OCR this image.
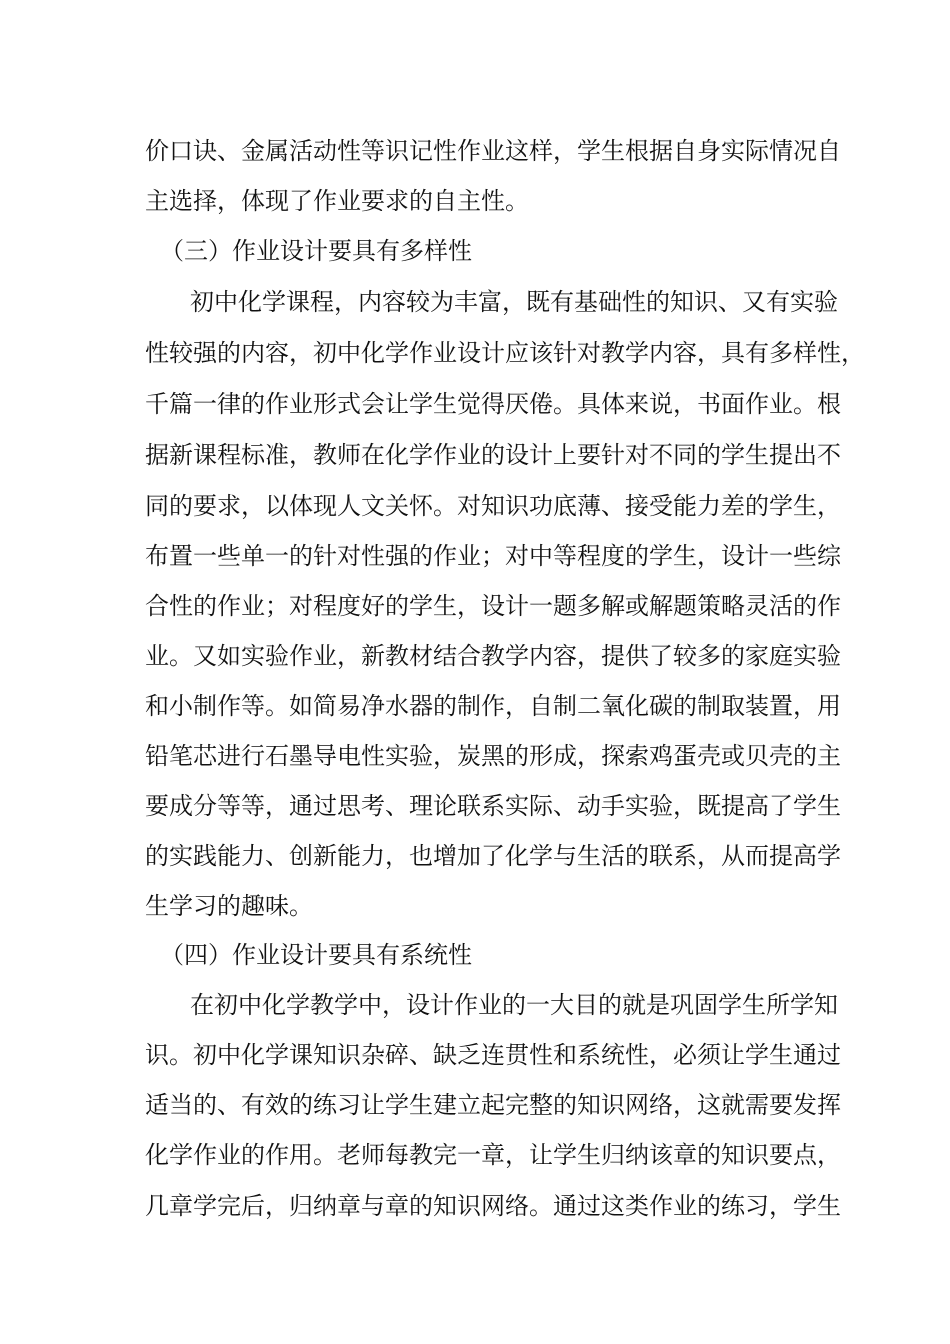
价口诀、金属活动性等识记性作业这样，学生根据自身实际情况自
主选择，体现了作业要求的自主性。
（三）作业设计要具有多样性
初中化学课程，内容较为丰富，既有基础性的知识、又有实验
性较强的内容，初中化学作业设计应该针对教学内容，具有多样性，
千篇一律的作业形式会让学生觉得厌倦。具体来说，书面作业。根
据新课程标准，教师在化学作业的设计上要针对不同的学生提出不
同的要求，以体现人文关怀。对知识功底薄、接受能力差的学生，
布置一些单一的针对性强的作业；对中等程度的学生，设计一些综
合性的作业；对程度好的学生，设计一题多解或解题策略灵活的作
业。又如实验作业，新教材结合教学内容，提供了较多的家庭实验
和小制作等。如简易净水器的制作，自制二氧化碳的制取装置，用
铅笔芯进行石墨导电性实验，炭黑的形成，探索鸡蛋壳或贝壳的主
要成分等等，通过思考、理论联系实际、动手实验，既提高了学生
的实践能力、创新能力，也增加了化学与生活的联系，从而提高学
生学习的趣味。
（四）作业设计要具有系统性
在初中化学教学中，设计作业的一大目的就是巩固学生所学知
识。初中化学课知识杂碎、缺乏连贯性和系统性，必须让学生通过
适当的、有效的练习让学生建立起完整的知识网络，这就需要发挥
化学作业的作用。老师每教完一章，让学生归纳该章的知识要点，
几章学完后，归纳章与章的知识网络。通过这类作业的练习，学生
